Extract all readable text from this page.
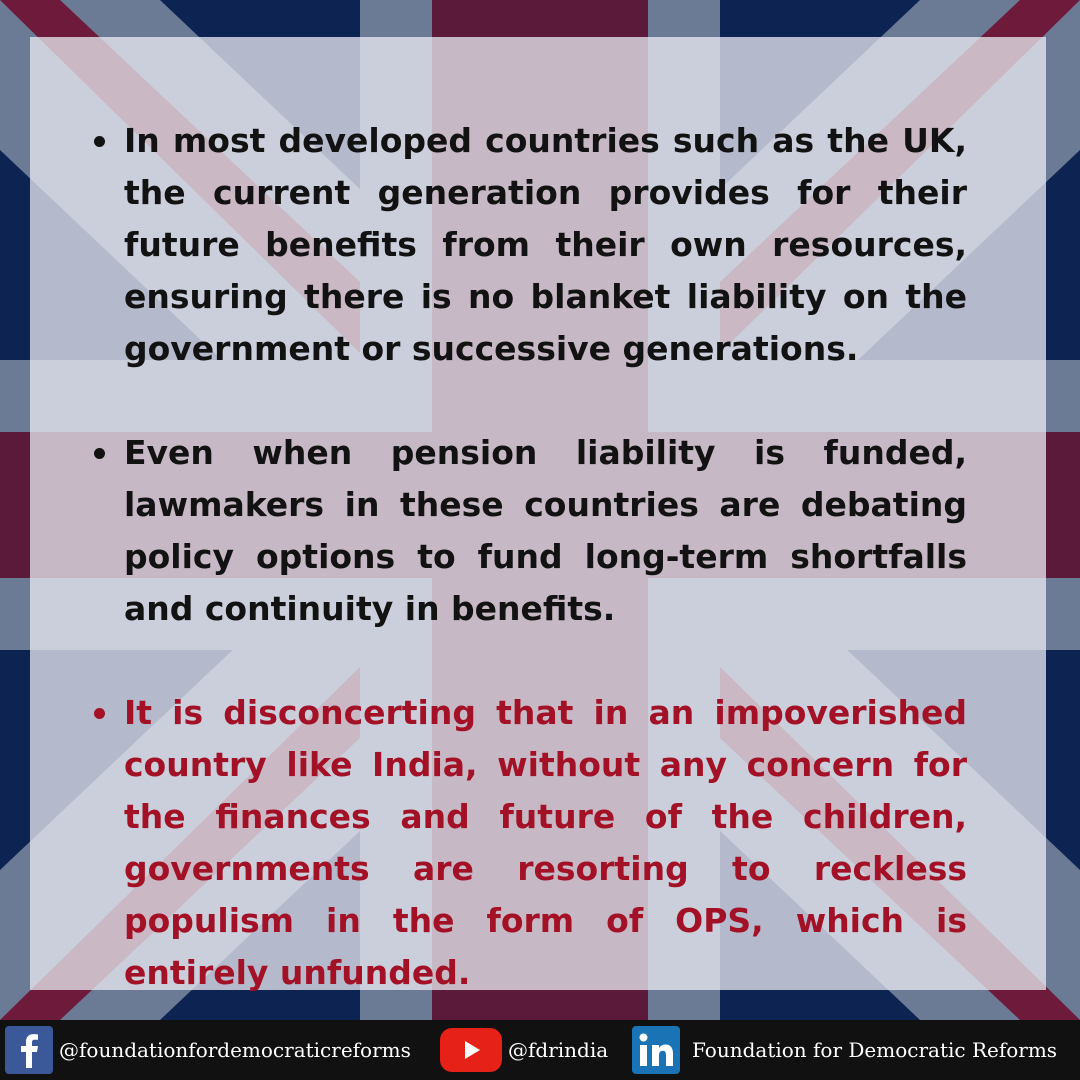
In most developed countries such as the UK, the current generation provides for their future benefits from their own resources, ensuring there is no blanket liability on the government or successive generations.
Even when pension liability is funded, lawmakers in these countries are debating policy options to fund long-term shortfalls and continuity in benefits.
It is disconcerting that in an impoverished country like India, without any concern for the finances and future of the children, governments are resorting to reckless populism in the form of OPS, which is entirely unfunded.
@foundationfordemocraticreforms	@fdrindia	Foundation for Democratic Reforms
